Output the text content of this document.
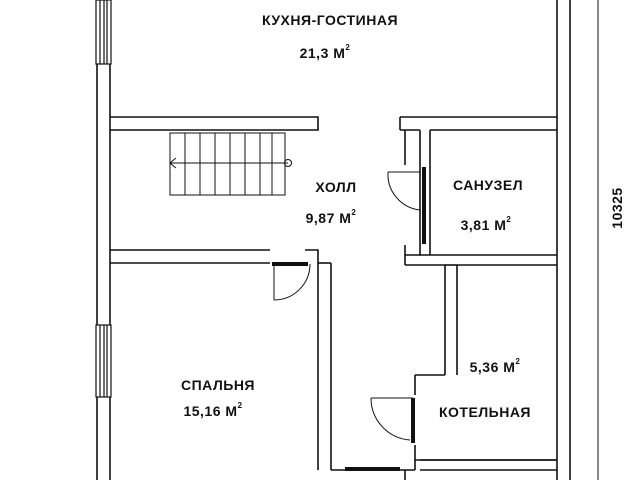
КУХНЯ-ГОСТИНАЯ
21,3 $М^2$
ХОЛЛ
9,87 $М^2$
САНУЗЕЛ
3,81 $М^2$
СПАЛЬНЯ
15,16 $М^2$
5,36 $М^2$
КОТЕЛЬНАЯ
10325
